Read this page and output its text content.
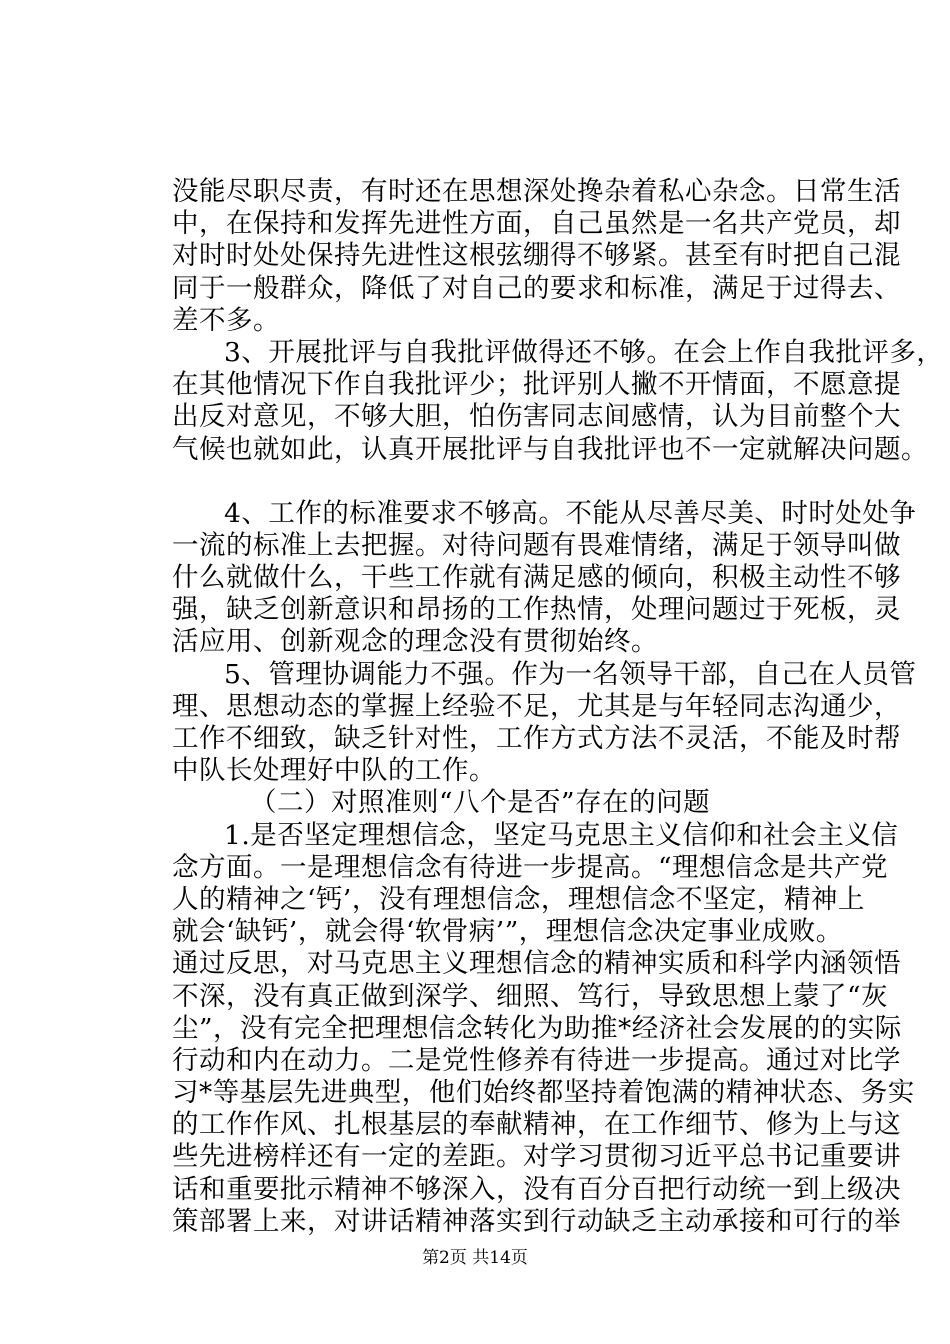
没能尽职尽责，有时还在思想深处搀杂着私心杂念。日常生活
中，在保持和发挥先进性方面，自己虽然是一名共产党员，却
对时时处处保持先进性这根弦绷得不够紧。甚至有时把自己混
同于一般群众，降低了对自己的要求和标准，满足于过得去、
差不多。
3、开展批评与自我批评做得还不够。在会上作自我批评多，
在其他情况下作自我批评少；批评别人撇不开情面，不愿意提
出反对意见，不够大胆，怕伤害同志间感情，认为目前整个大
气候也就如此，认真开展批评与自我批评也不一定就解决问题。
4、工作的标准要求不够高。不能从尽善尽美、时时处处争
一流的标准上去把握。对待问题有畏难情绪，满足于领导叫做
什么就做什么，干些工作就有满足感的倾向，积极主动性不够
强，缺乏创新意识和昂扬的工作热情，处理问题过于死板，灵
活应用、创新观念的理念没有贯彻始终。
5、管理协调能力不强。作为一名领导干部，自己在人员管
理、思想动态的掌握上经验不足，尤其是与年轻同志沟通少，
工作不细致，缺乏针对性，工作方式方法不灵活，不能及时帮
中队长处理好中队的工作。
（二）对照准则“八个是否”存在的问题
1.是否坚定理想信念，坚定马克思主义信仰和社会主义信
念方面。一是理想信念有待进一步提高。“理想信念是共产党
人的精神之‘钙’，没有理想信念，理想信念不坚定，精神上
就会‘缺钙’，就会得‘软骨病’”，理想信念决定事业成败。
通过反思，对马克思主义理想信念的精神实质和科学内涵领悟
不深，没有真正做到深学、细照、笃行，导致思想上蒙了“灰
尘”，没有完全把理想信念转化为助推*经济社会发展的的实际
行动和内在动力。二是党性修养有待进一步提高。通过对比学
习*等基层先进典型，他们始终都坚持着饱满的精神状态、务实
的工作作风、扎根基层的奉献精神，在工作细节、修为上与这
些先进榜样还有一定的差距。对学习贯彻习近平总书记重要讲
话和重要批示精神不够深入，没有百分百把行动统一到上级决
策部署上来，对讲话精神落实到行动缺乏主动承接和可行的举
第2页 共14页
